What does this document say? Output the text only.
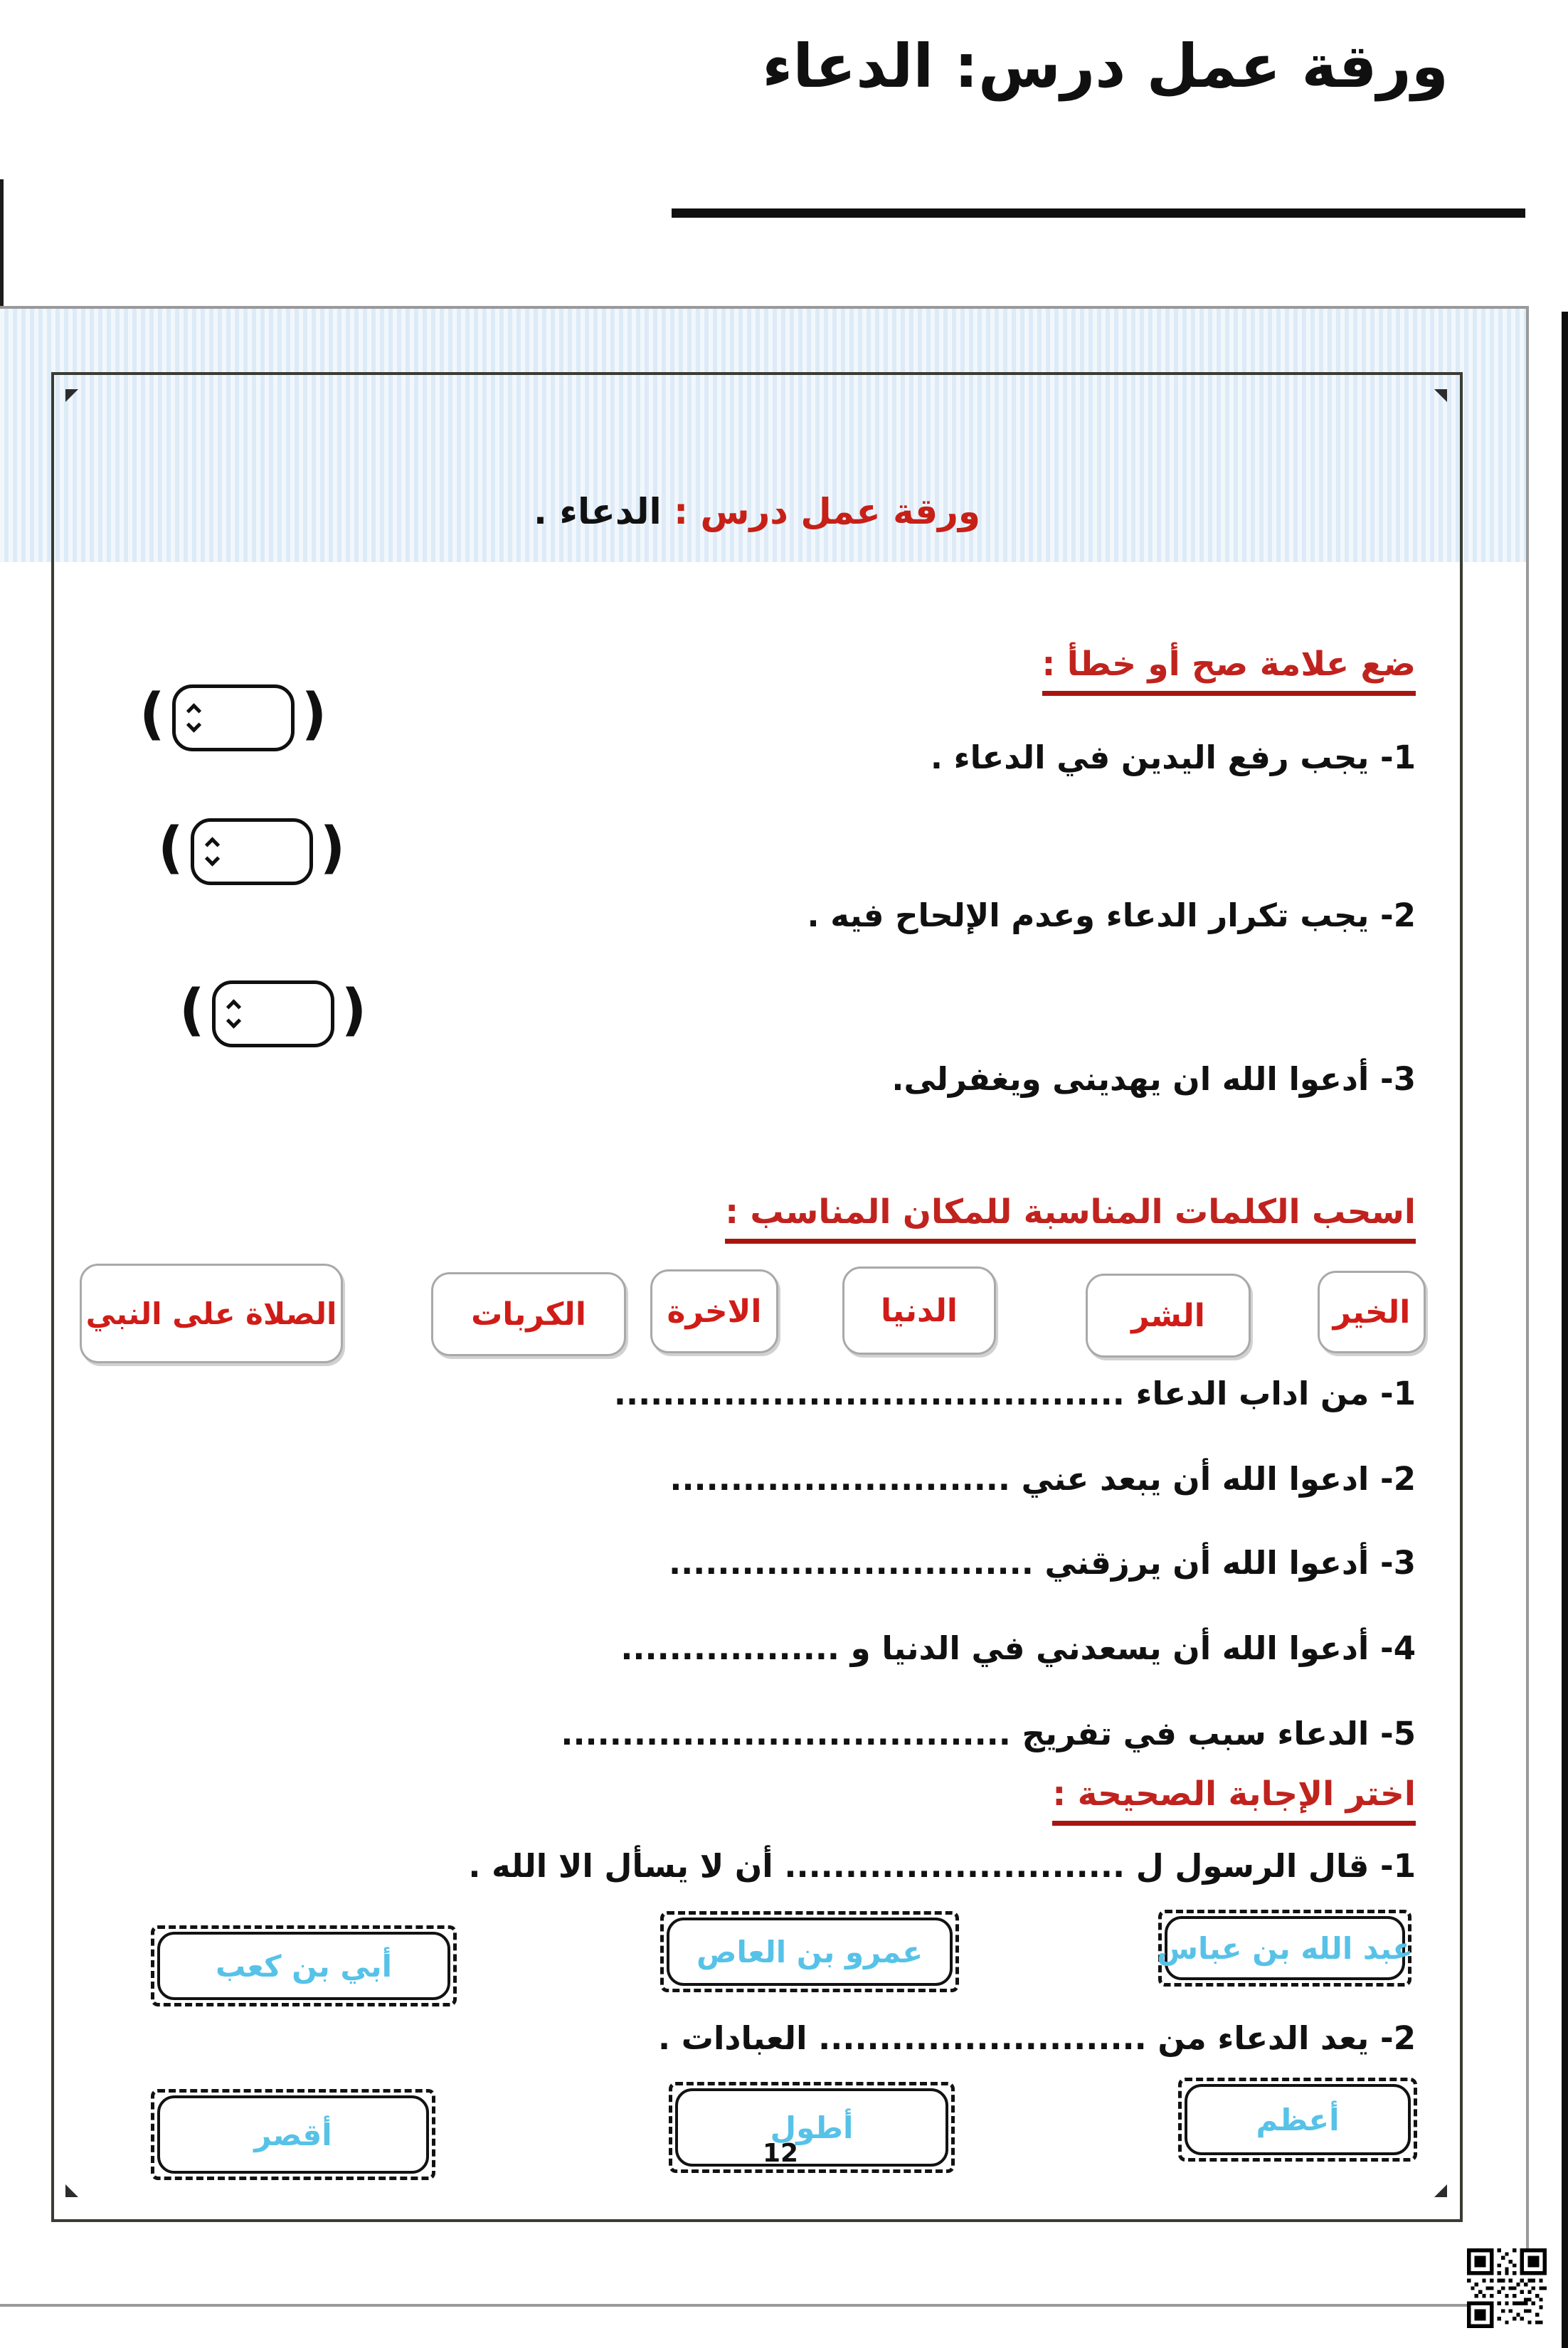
ورقة عمل درس: الدعاء
ورقة عمل درس : الدعاء .
ضع علامة صح أو خطأ :
1- يجب رفع اليدين في الدعاء .
2- يجب تكرار الدعاء وعدم الإلحاح فيه .
3- أدعوا الله ان يهدينى ويغفرلى.
( )
( )
( )
اسحب الكلمات المناسبة للمكان المناسب :
الخير
الشر
الدنيا
الاخرة
الكربات
الصلاة على النبي
1- من اداب الدعاء ..........................................
2- ادعوا الله أن يبعد عني ............................
3- أدعوا الله أن يرزقني ..............................
4- أدعوا الله أن يسعدني في الدنيا و ..................
5- الدعاء سبب في تفريج .....................................
اختر الإجابة الصحيحة :
1- قال الرسول ل ............................ أن لا يسأل الا الله .
عبد الله بن عباس
عمرو بن العاص
أبي بن كعب
2- يعد الدعاء من ........................... العبادات .
أعظم
أطول
أقصر
12
